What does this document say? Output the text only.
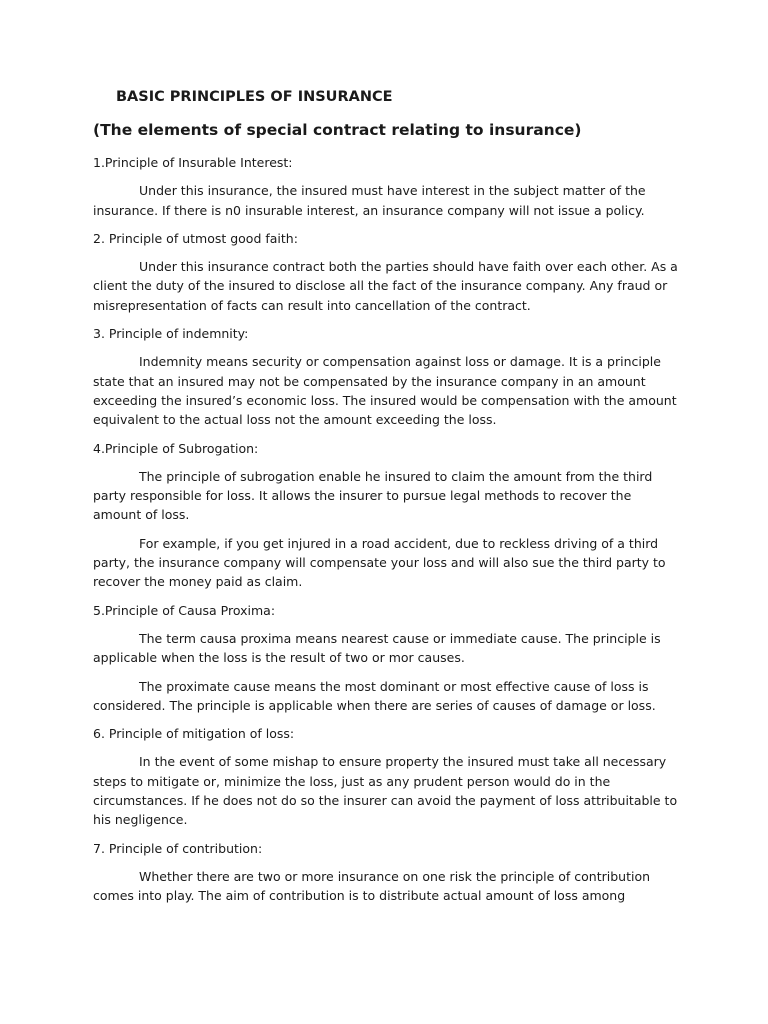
BASIC PRINCIPLES OF INSURANCE
(The elements of special contract relating to insurance)

1.Principle of Insurable Interest:

Under this insurance, the insured must have interest in the subject matter of the insurance. If there is n0 insurable interest, an insurance company will not issue a policy.

2. Principle of utmost good faith:

Under this insurance contract both the parties should have faith over each other. As a client the duty of the insured to disclose all the fact of the insurance company. Any fraud or misrepresentation of facts can result into cancellation of the contract.

3. Principle of indemnity:

Indemnity means security or compensation against loss or damage. It is a principle state that an insured may not be compensated by the insurance company in an amount exceeding the insured’s economic loss. The insured would be compensation with the amount equivalent to the actual loss not the amount exceeding the loss.

4.Principle of Subrogation:

The principle of subrogation enable he insured to claim the amount from the third party responsible for loss. It allows the insurer to pursue legal methods to recover the amount of loss.

For example, if you get injured in a road accident, due to reckless driving of a third party, the insurance company will compensate your loss and will also sue the third party to recover the money paid as claim.

5.Principle of Causa Proxima:

The term causa proxima means nearest cause or immediate cause. The principle is applicable when the loss is the result of two or mor causes.

The proximate cause means the most dominant or most effective cause of loss is considered. The principle is applicable when there are series of causes of damage or loss.

6. Principle of mitigation of loss:

In the event of some mishap to ensure property the insured must take all necessary steps to mitigate or, minimize the loss, just as any prudent person would do in the circumstances. If he does not do so the insurer can avoid the payment of loss attribuitable to his negligence.

7. Principle of contribution:

Whether there are two or more insurance on one risk the principle of contribution comes into play. The aim of contribution is to distribute actual amount of loss among
